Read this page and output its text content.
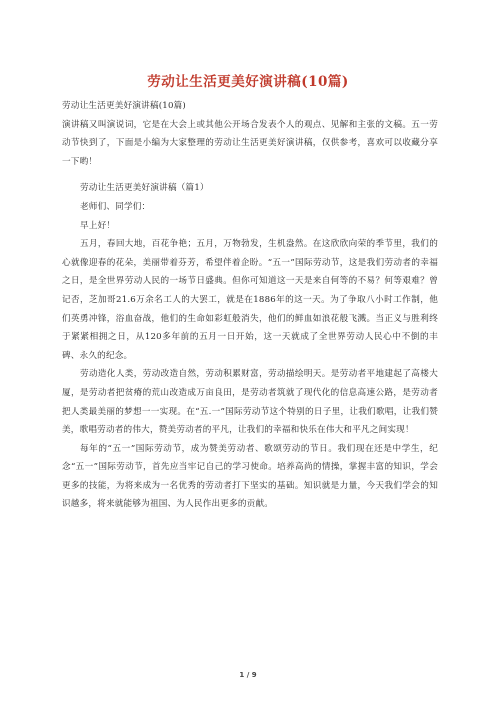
劳动让生活更美好演讲稿(10篇)

劳动让生活更美好演讲稿(10篇)

演讲稿又叫演说词，它是在大会上或其他公开场合发表个人的观点、见解和主张的文稿。五一劳动节快到了，下面是小编为大家整理的劳动让生活更美好演讲稿，仅供参考，喜欢可以收藏分享一下哟！

劳动让生活更美好演讲稿（篇1）

老师们、同学们：

早上好！

五月，春回大地，百花争艳；五月，万物勃发，生机盎然。在这欣欣向荣的季节里，我们的心就像迎春的花朵，美丽带着芬芳，希望伴着企盼。“五一”国际劳动节，这是我们劳动者的幸福之日，是全世界劳动人民的一场节日盛典。但你可知道这一天是来自何等的不易？何等艰难？曾记否，芝加哥21.6万余名工人的大罢工，就是在1886年的这一天。为了争取八小时工作制，他们英勇冲锋，浴血奋战，他们的生命如彩虹般消失，他们的鲜血如浪花般飞溅。当正义与胜利终于紧紧相拥之日，从120多年前的五月一日开始，这一天就成了全世界劳动人民心中不倒的丰碑、永久的纪念。

劳动造化人类，劳动改造自然，劳动积累财富，劳动描绘明天。是劳动者平地建起了高楼大厦，是劳动者把贫瘠的荒山改造成万亩良田，是劳动者筑就了现代化的信息高速公路，是劳动者把人类最美丽的梦想一一实现。在“五.一”国际劳动节这个特别的日子里，让我们歌唱，让我们赞美，歌唱劳动者的伟大，赞美劳动者的平凡，让我们的幸福和快乐在伟大和平凡之间实现！

每年的“五一”国际劳动节，成为赞美劳动者、歌颂劳动的节日。我们现在还是中学生，纪念“五一”国际劳动节，首先应当牢记自己的学习使命。培养高尚的情操，掌握丰富的知识，学会更多的技能，为将来成为一名优秀的劳动者打下坚实的基础。知识就是力量，今天我们学会的知识越多，将来就能够为祖国、为人民作出更多的贡献。

1 / 9
